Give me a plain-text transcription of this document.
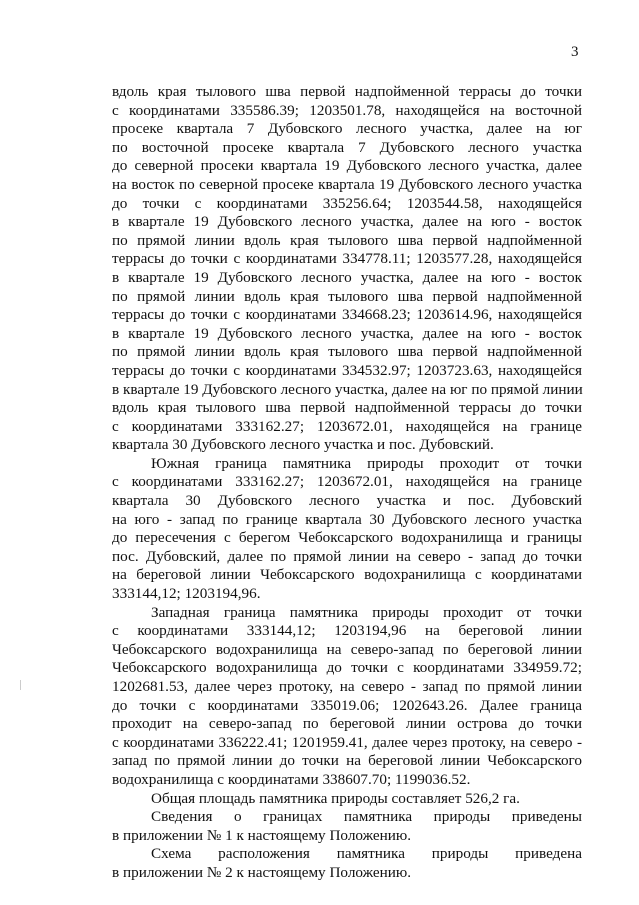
3
вдоль края тылового шва первой надпойменной террасы до точки
с координатами 335586.39; 1203501.78, находящейся на восточной
просеке квартала 7 Дубовского лесного участка, далее на юг
по восточной просеке квартала 7 Дубовского лесного участка
до северной просеки квартала 19 Дубовского лесного участка, далее
на восток по северной просеке квартала 19 Дубовского лесного участка
до точки с координатами 335256.64; 1203544.58, находящейся
в квартале 19 Дубовского лесного участка, далее на юго - восток
по прямой линии вдоль края тылового шва первой надпойменной
террасы до точки с координатами 334778.11; 1203577.28, находящейся
в квартале 19 Дубовского лесного участка, далее на юго - восток
по прямой линии вдоль края тылового шва первой надпойменной
террасы до точки с координатами 334668.23; 1203614.96, находящейся
в квартале 19 Дубовского лесного участка, далее на юго - восток
по прямой линии вдоль края тылового шва первой надпойменной
террасы до точки с координатами 334532.97; 1203723.63, находящейся
в квартале 19 Дубовского лесного участка, далее на юг по прямой линии
вдоль края тылового шва первой надпойменной террасы до точки
с координатами 333162.27; 1203672.01, находящейся на границе
квартала 30 Дубовского лесного участка и пос. Дубовский.
Южная граница памятника природы проходит от точки
с координатами 333162.27; 1203672.01, находящейся на границе
квартала 30 Дубовского лесного участка и пос. Дубовский
на юго - запад по границе квартала 30 Дубовского лесного участка
до пересечения с берегом Чебоксарского водохранилища и границы
пос. Дубовский, далее по прямой линии на северо - запад до точки
на береговой линии Чебоксарского водохранилища с координатами
333144,12; 1203194,96.
Западная граница памятника природы проходит от точки
с координатами 333144,12; 1203194,96 на береговой линии
Чебоксарского водохранилища на северо-запад по береговой линии
Чебоксарского водохранилища до точки с координатами 334959.72;
1202681.53, далее через протоку, на северо - запад по прямой линии
до точки с координатами 335019.06; 1202643.26. Далее граница
проходит на северо-запад по береговой линии острова до точки
с координатами 336222.41; 1201959.41, далее через протоку, на северо -
запад по прямой линии до точки на береговой линии Чебоксарского
водохранилища с координатами 338607.70; 1199036.52.
Общая площадь памятника природы составляет 526,2 га.
Сведения о границах памятника природы приведены
в приложении № 1 к настоящему Положению.
Схема расположения памятника природы приведена
в приложении № 2 к настоящему Положению.
